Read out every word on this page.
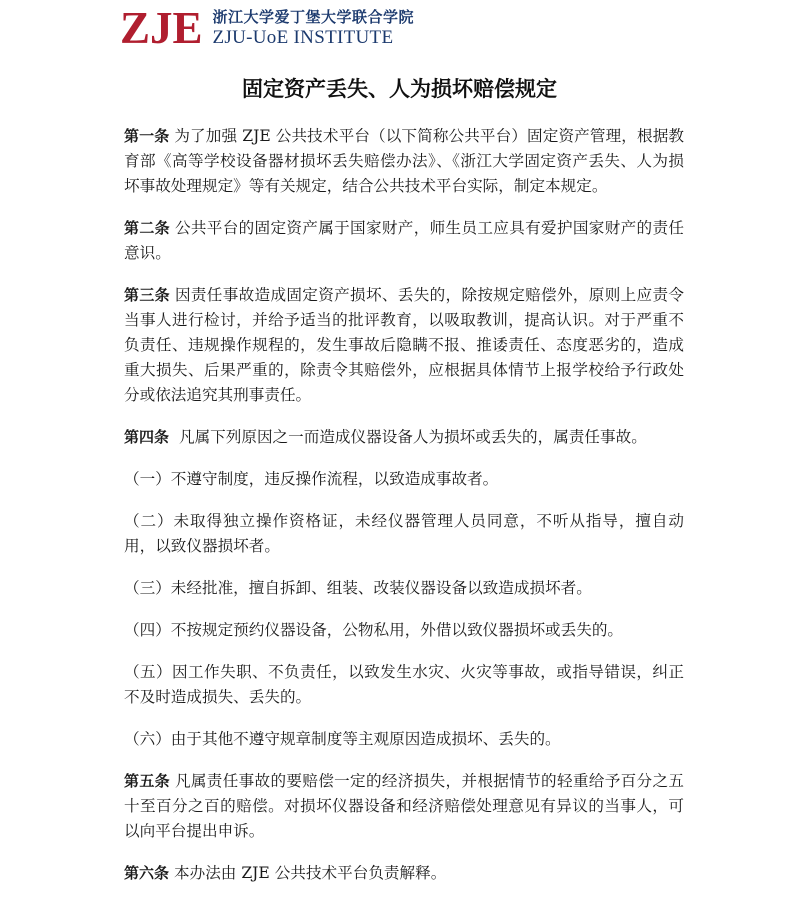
ZJE 浙江大学爱丁堡大学联合学院
ZJU-UoE INSTITUTE
固定资产丢失、人为损坏赔偿规定

第一条 为了加强 ZJE 公共技术平台（以下简称公共平台）固定资产管理，根据教育部《高等学校设备器材损坏丢失赔偿办法》、《浙江大学固定资产丢失、人为损坏事故处理规定》等有关规定，结合公共技术平台实际，制定本规定。

第二条 公共平台的固定资产属于国家财产，师生员工应具有爱护国家财产的责任意识。

第三条 因责任事故造成固定资产损坏、丢失的，除按规定赔偿外，原则上应责令当事人进行检讨，并给予适当的批评教育，以吸取教训，提高认识。对于严重不负责任、违规操作规程的，发生事故后隐瞒不报、推诿责任、态度恶劣的，造成重大损失、后果严重的，除责令其赔偿外，应根据具体情节上报学校给予行政处分或依法追究其刑事责任。

第四条 凡属下列原因之一而造成仪器设备人为损坏或丢失的，属责任事故。

（一）不遵守制度，违反操作流程，以致造成事故者。

（二）未取得独立操作资格证，未经仪器管理人员同意，不听从指导，擅自动用，以致仪器损坏者。

（三）未经批准，擅自拆卸、组装、改装仪器设备以致造成损坏者。

（四）不按规定预约仪器设备，公物私用，外借以致仪器损坏或丢失的。

（五）因工作失职、不负责任，以致发生水灾、火灾等事故，或指导错误，纠正不及时造成损失、丢失的。

（六）由于其他不遵守规章制度等主观原因造成损坏、丢失的。

第五条 凡属责任事故的要赔偿一定的经济损失，并根据情节的轻重给予百分之五十至百分之百的赔偿。对损坏仪器设备和经济赔偿处理意见有异议的当事人，可以向平台提出申诉。

第六条 本办法由 ZJE 公共技术平台负责解释。
